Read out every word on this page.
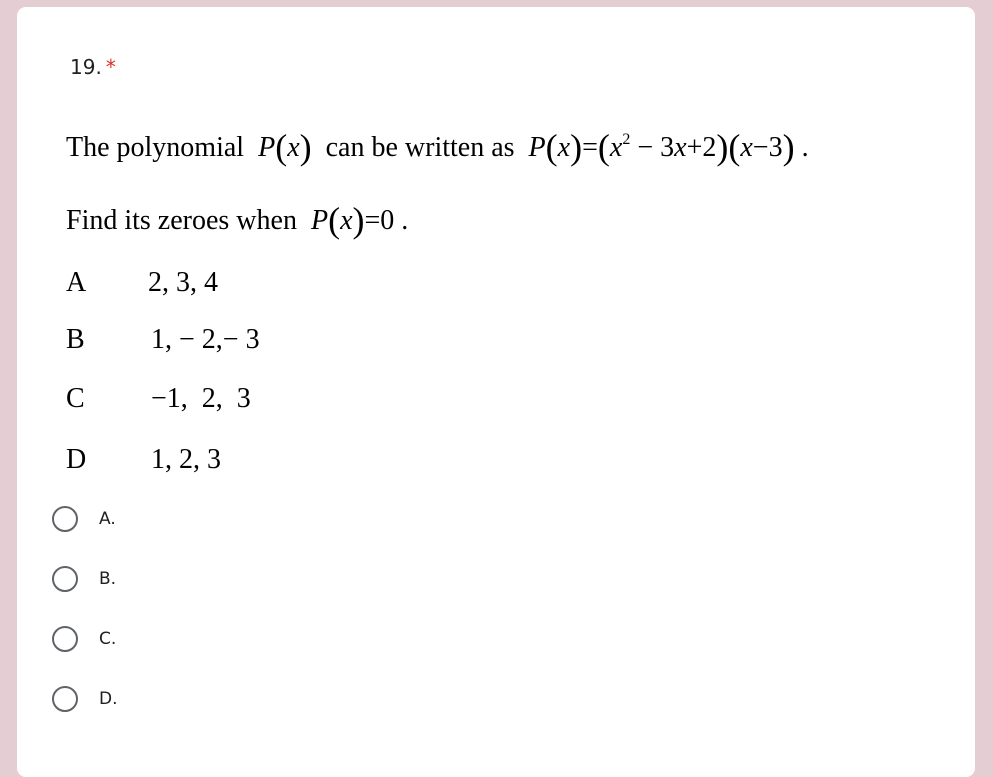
19. *
The polynomial P(x) can be written as $P(x)=(x^2 - 3x+2)(x-3)$ .
Find its zeroes when P(x)=0 .
A 2, 3, 4
B 1, − 2,− 3
C −1,  2,  3
D 1, 2, 3
A.
B.
C.
D.
